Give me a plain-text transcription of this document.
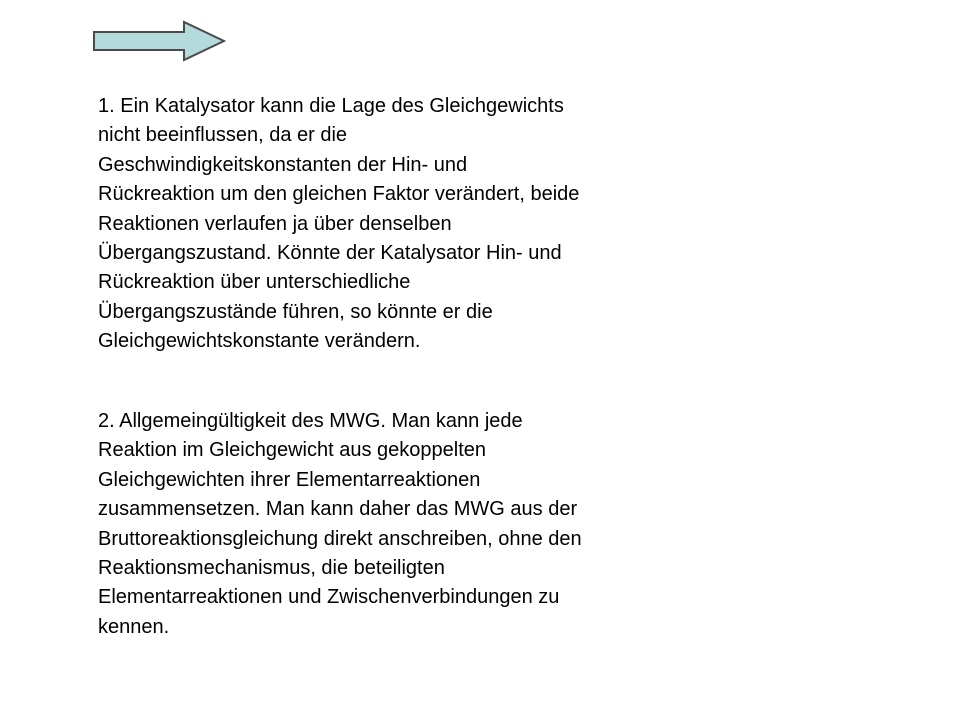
1. Ein Katalysator kann die Lage des Gleichgewichts
nicht beeinflussen, da er die
Geschwindigkeitskonstanten der Hin- und
Rückreaktion um den gleichen Faktor verändert, beide
Reaktionen verlaufen ja über denselben
Übergangszustand. Könnte der Katalysator Hin- und
Rückreaktion über unterschiedliche
Übergangszustände führen, so könnte er die
Gleichgewichtskonstante verändern.

2. Allgemeingültigkeit des MWG. Man kann jede
Reaktion im Gleichgewicht aus gekoppelten
Gleichgewichten ihrer Elementarreaktionen
zusammensetzen. Man kann daher das MWG aus der
Bruttoreaktionsgleichung direkt anschreiben, ohne den
Reaktionsmechanismus, die beteiligten
Elementarreaktionen und Zwischenverbindungen zu
kennen.
